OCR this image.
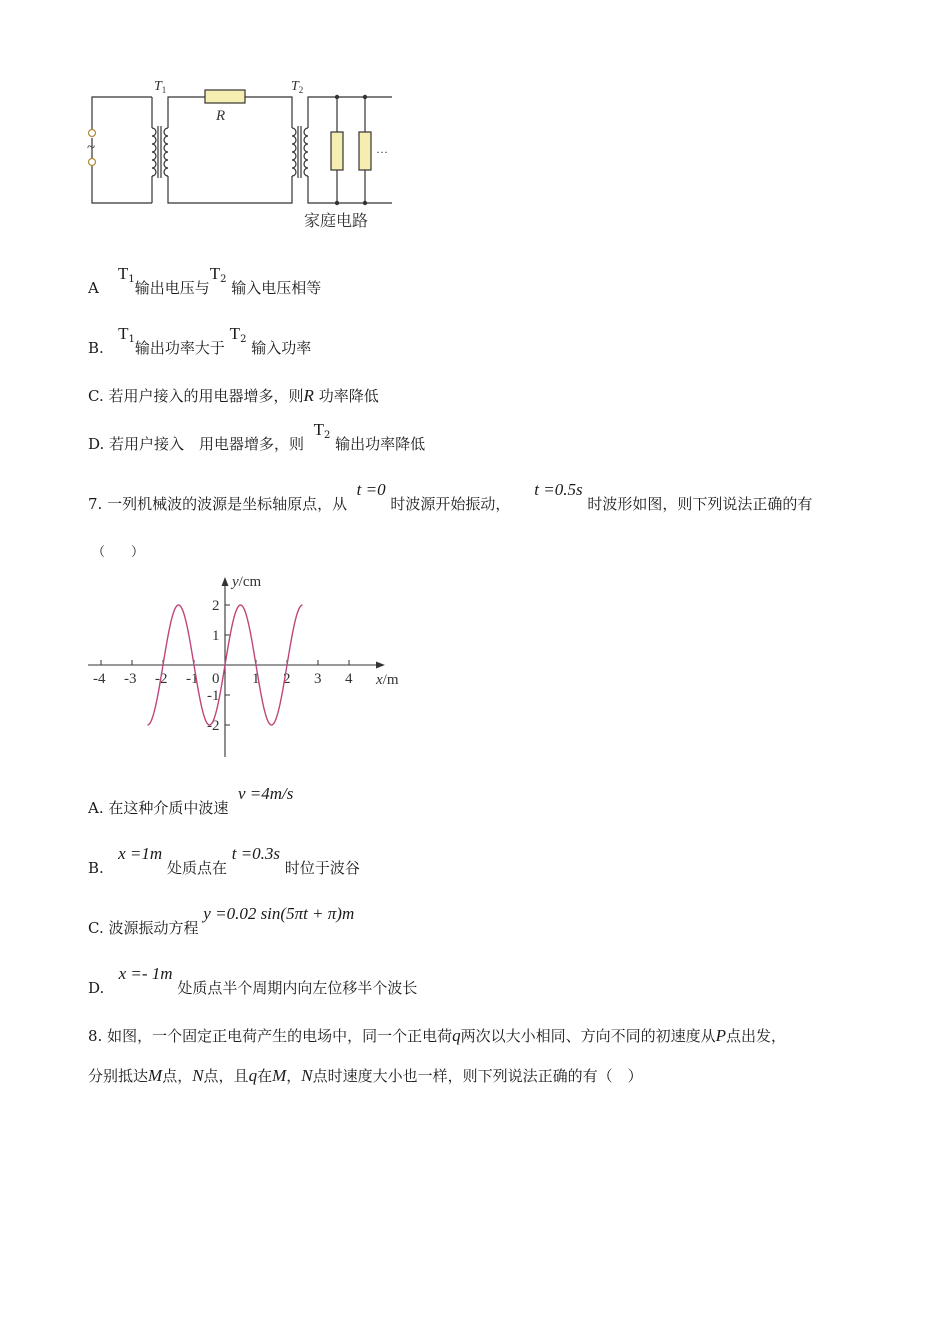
~
$T_1$
R
$T_2$
···
家庭电路
A    $T_1$输出电压与$T_2$ 输入电压相等
B.   $T_1$输出功率大于 $T_2$ 输入功率
C. 若用户接入的用电器增多，则R 功率降低
D. 若用户接入　用电器增多，则  $T_2$ 输出功率降低
7. 一列机械波的波源是坐标轴原点，从  t =0 时波源开始振动，     t =0.5s 时波形如图，则下列说法正确的有
（　　）
-4 -3 -2 -1 0 1 2 3 4
2
1
-1
-2
y/cm
x/m
A. 在这种介质中波速  v =4m/s
B.   x =1m 处质点在 t =0.3s 时位于波谷
C. 波源振动方程 y =0.02 sin(5πt + π)m
D.   x =- 1m 处质点半个周期内向左位移半个波长
8. 如图，一个固定正电荷产生的电场中，同一个正电荷q两次以大小相同、方向不同的初速度从P点出发，
分别抵达M点，N点，且q在M，N点时速度大小也一样，则下列说法正确的有（　）
